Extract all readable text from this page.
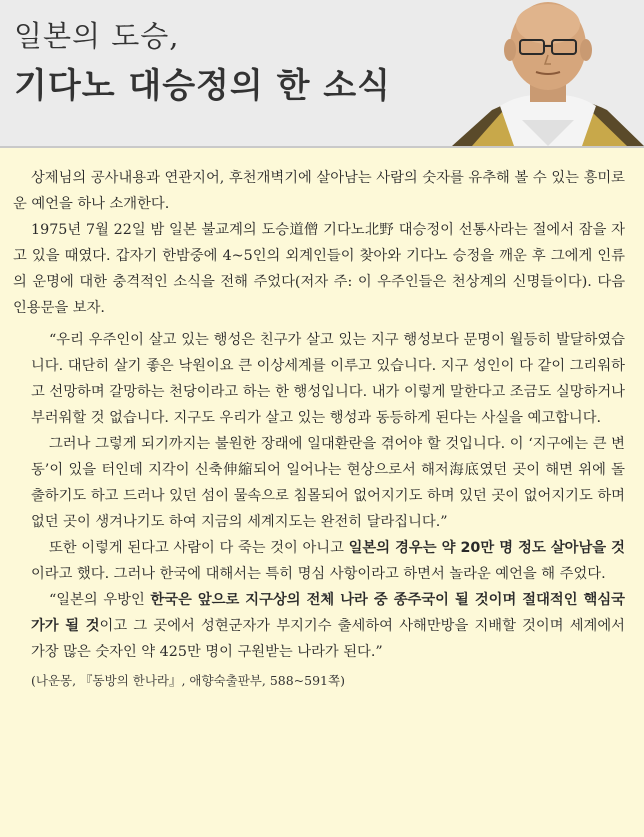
일본의 도승,
기다노 대승정의 한 소식

상제님의 공사내용과 연관지어, 후천개벽기에 살아남는 사람의 숫자를 유추해 볼 수 있는 흥미로운 예언을 하나 소개한다.

1975년 7월 22일 밤 일본 불교계의 도승道僧 기다노北野 대승정이 선통사라는 절에서 잠을 자고 있을 때였다. 갑자기 한밤중에 4~5인의 외계인들이 찾아와 기다노 승정을 깨운 후 그에게 인류의 운명에 대한 충격적인 소식을 전해 주었다(저자 주: 이 우주인들은 천상계의 신명들이다). 다음 인용문을 보자.

“우리 우주인이 살고 있는 행성은 친구가 살고 있는 지구 행성보다 문명이 월등히 발달하였습니다. 대단히 살기 좋은 낙원이요 큰 이상세계를 이루고 있습니다. 지구 성인이 다 같이 그리워하고 선망하며 갈망하는 천당이라고 하는 한 행성입니다. 내가 이렇게 말한다고 조금도 실망하거나 부러워할 것 없습니다. 지구도 우리가 살고 있는 행성과 동등하게 된다는 사실을 예고합니다.

그러나 그렇게 되기까지는 불원한 장래에 일대환란을 겪어야 할 것입니다. 이 ‘지구에는 큰 변동’이 있을 터인데 지각이 신축伸縮되어 일어나는 현상으로서 해저海底였던 곳이 해면 위에 돌출하기도 하고 드러나 있던 섬이 물속으로 침몰되어 없어지기도 하며 있던 곳이 없어지기도 하며 없던 곳이 생겨나기도 하여 지금의 세계지도는 완전히 달라집니다.”

또한 이렇게 된다고 사람이 다 죽는 것이 아니고 일본의 경우는 약 20만 명 정도 살아남을 것이라고 했다. 그러나 한국에 대해서는 특히 명심 사항이라고 하면서 놀라운 예언을 해 주었다.

“일본의 우방인 한국은 앞으로 지구상의 전체 나라 중 종주국이 될 것이며 절대적인 핵심국가가 될 것이고 그 곳에서 성현군자가 부지기수 출세하여 사해만방을 지배할 것이며 세계에서 가장 많은 숫자인 약 425만 명이 구원받는 나라가 된다.”

(나운몽, 『동방의 한나라』, 애향숙출판부, 588~591쪽)
